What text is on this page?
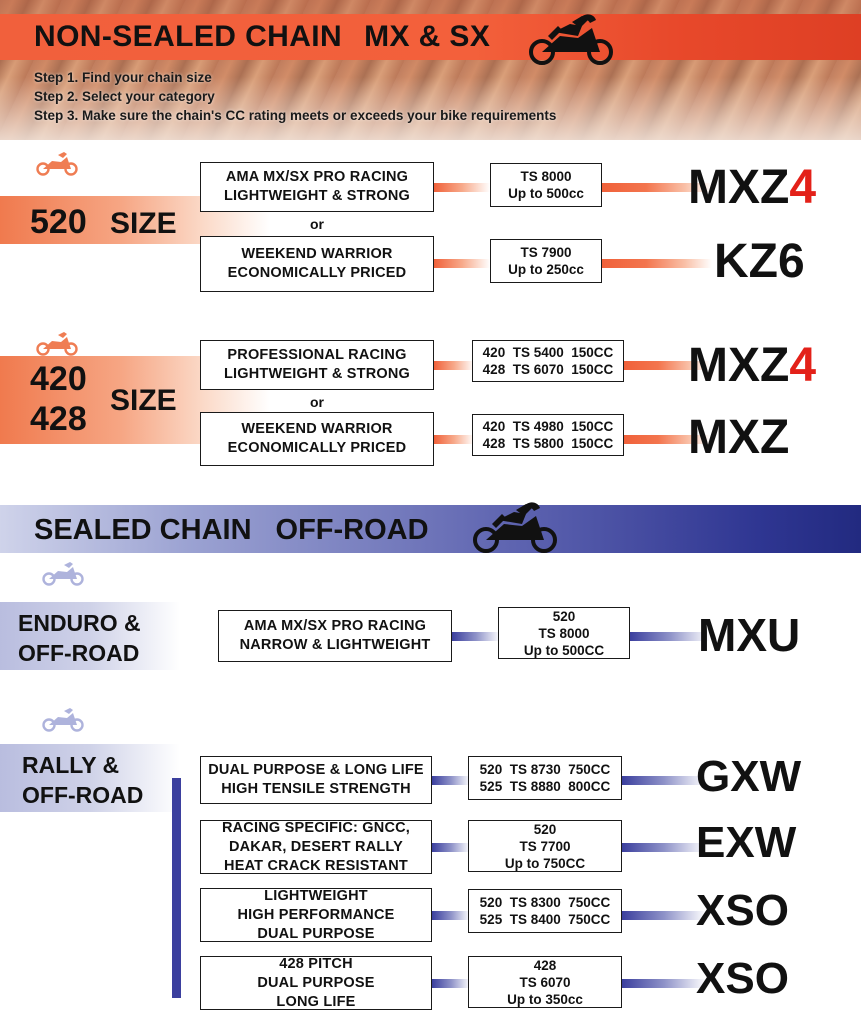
NON-SEALED CHAIN MX & SX
Step 1. Find your chain size
Step 2. Select your category
Step 3. Make sure the chain's CC rating meets or exceeds your bike requirements
520 SIZE
AMA MX/SX PRO RACING
LIGHTWEIGHT & STRONG
or
WEEKEND WARRIOR
ECONOMICALLY PRICED
TS 8000
Up to 500cc
TS 7900
Up to 250cc
MXZ4
KZ6
420
428 SIZE
PROFESSIONAL RACING
LIGHTWEIGHT & STRONG
or
WEEKEND WARRIOR
ECONOMICALLY PRICED
420
TS 5400
150CC
428
TS 6070
150CC
420
TS 4980
150CC
428
TS 5800
150CC
MXZ4
MXZ
SEALED CHAIN OFF-ROAD
ENDURO &
OFF-ROAD
AMA MX/SX PRO RACING
NARROW & LIGHTWEIGHT
520
TS 8000
Up to 500CC MXU
RALLY &
OFF-ROAD
DUAL PURPOSE & LONG LIFE
HIGH TENSILE STRENGTH
520
TS 8730
750CC
525
TS 8880
800CC GXW
RACING SPECIFIC: GNCC,
DAKAR, DESERT RALLY
HEAT CRACK RESISTANT
520
TS 7700
Up to 750CC	EXW
LIGHTWEIGHT
HIGH PERFORMANCE
DUAL PURPOSE
520
TS 8300
750CC
525
TS 8400
750CC XSO
428 PITCH
DUAL PURPOSE
LONG LIFE
428
TS 6070
Up to 350cc	XSO
